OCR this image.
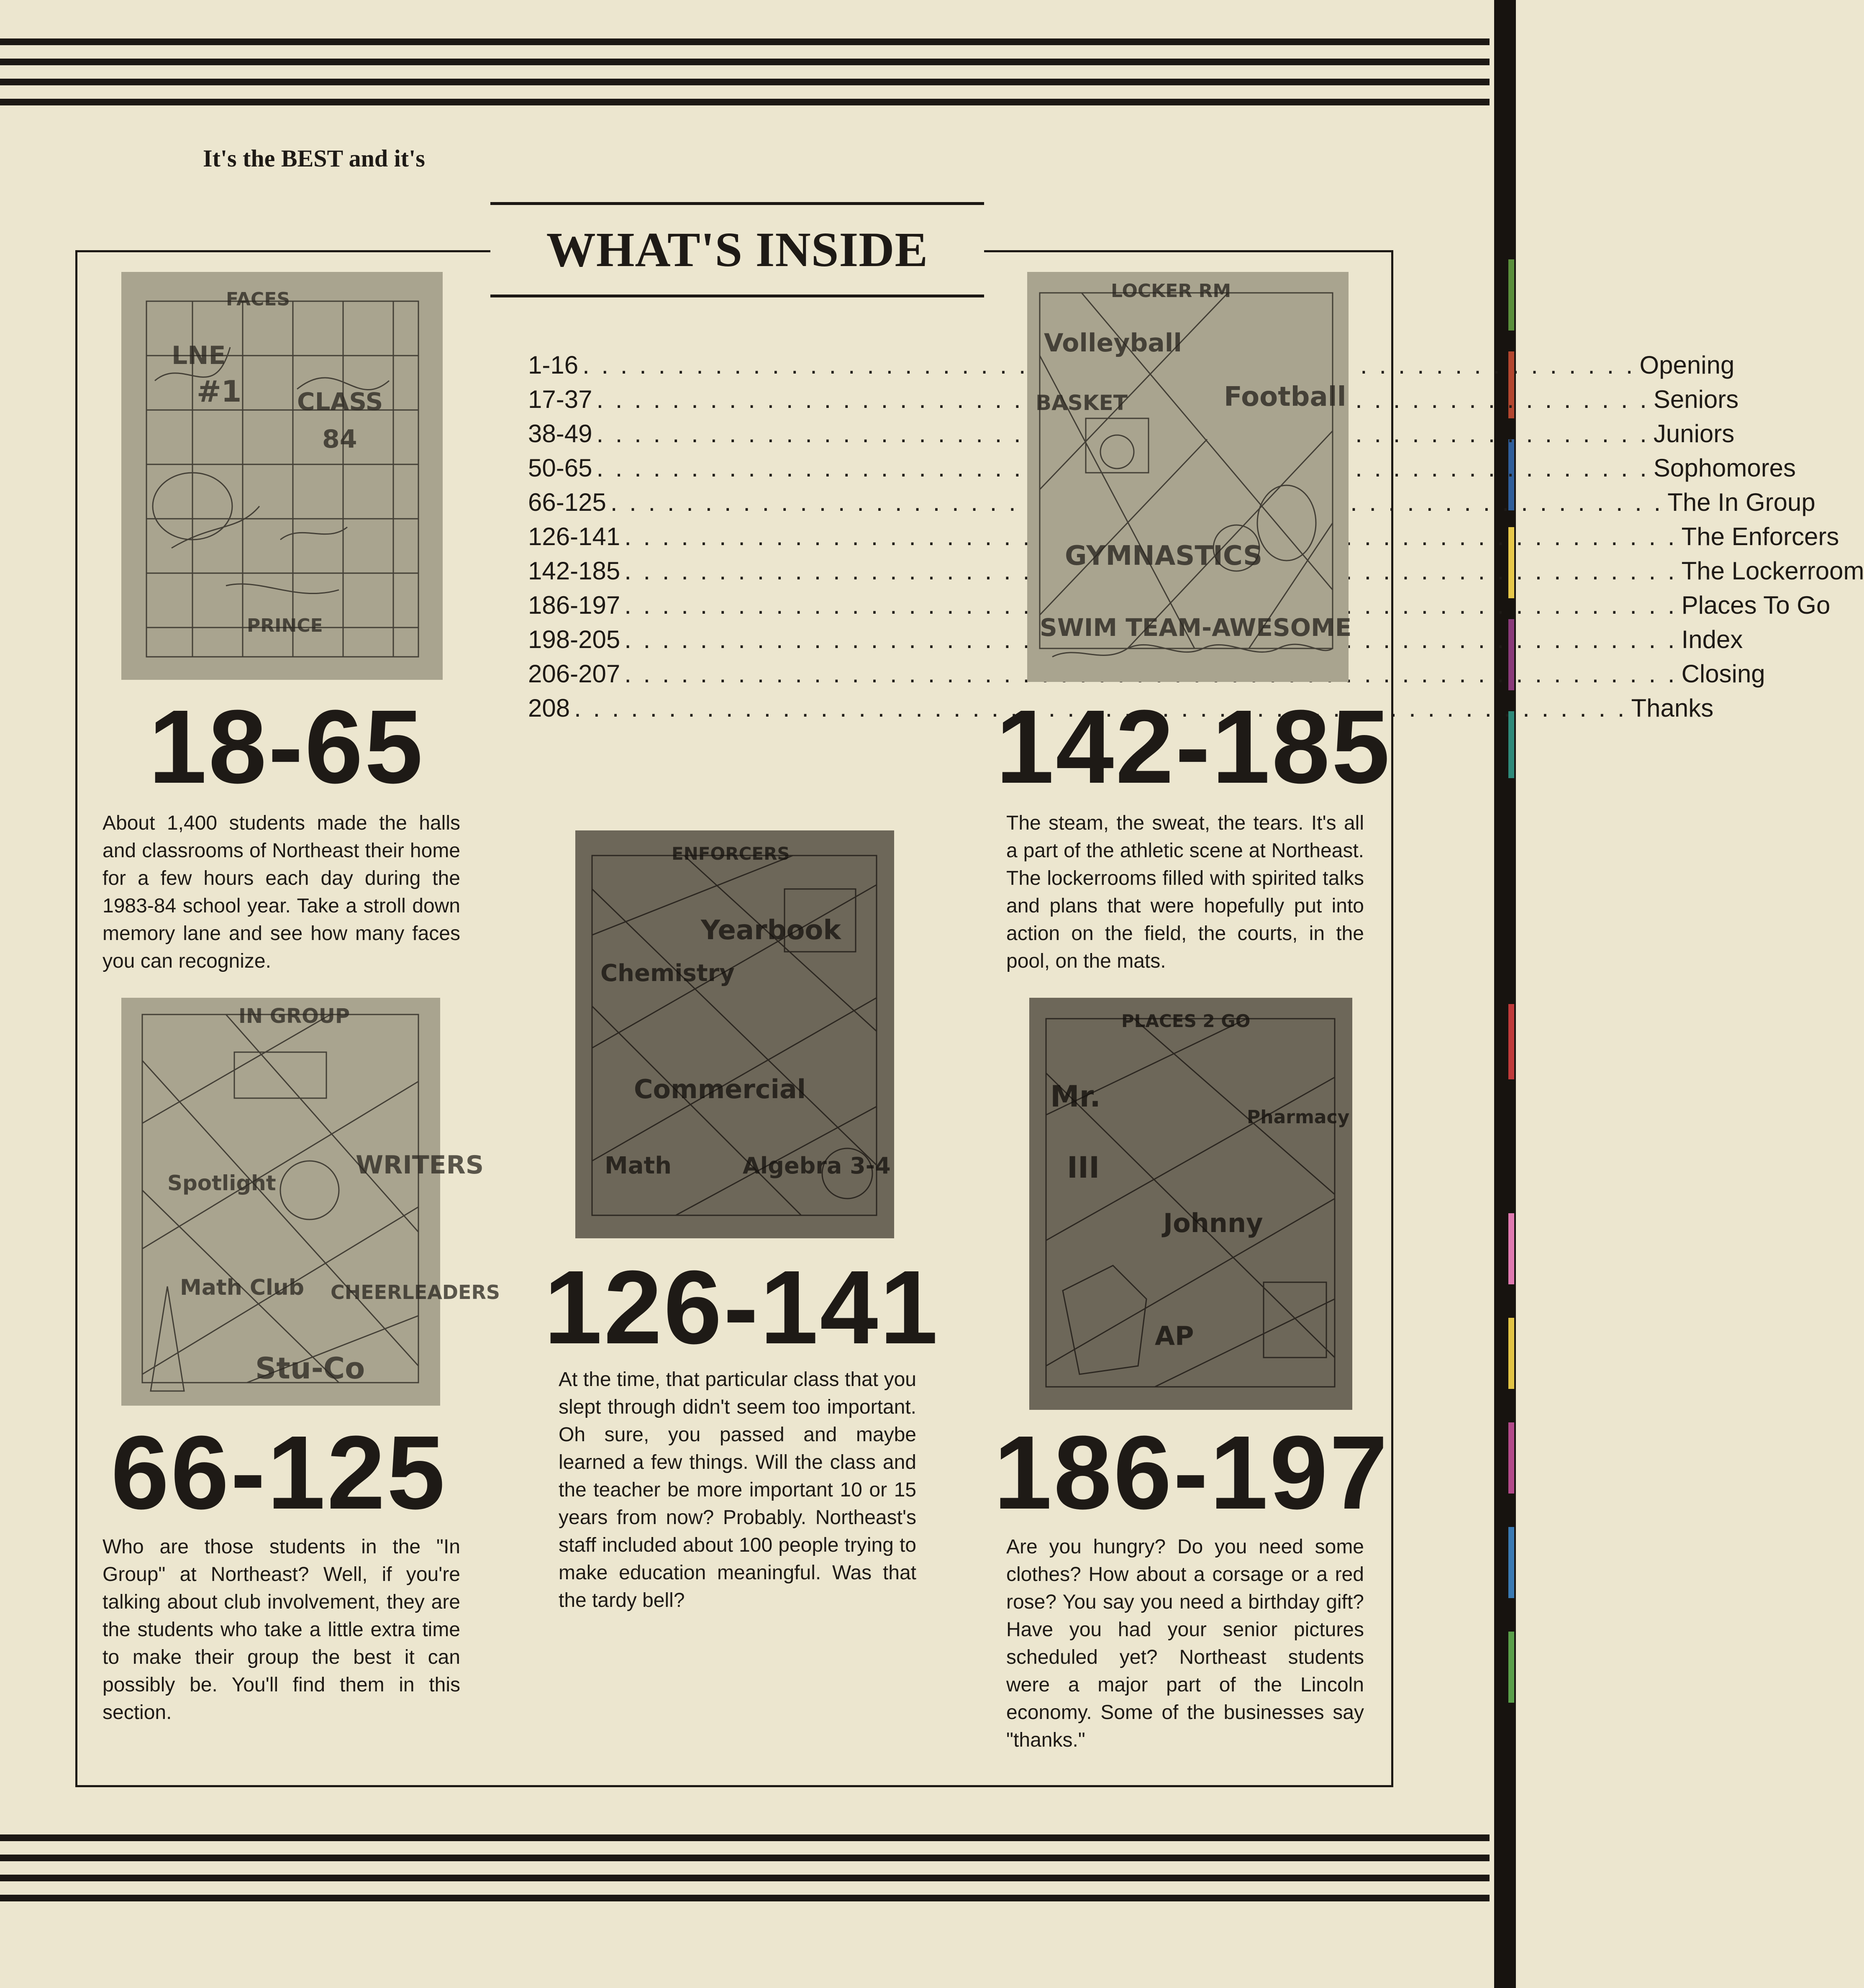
It's the BEST and it's
WHAT'S INSIDE
1-16 . . .	Opening
17-37 . . .	Seniors
38-49 . . .	Juniors
50-65 . . .	Sophomores
66-125 . . .	The In Group
126-141 . . .	The Enforcers
142-185 . . .	The Lockerroom
186-197 . . .	Places To Go
198-205 . . .	Index
206-207 . . .	Closing
208 . . .	Thanks
FACES
LNE
#1 CLASS
84
PRINCE
LOCKER RM
Volleyball
Football
BASKET
GYMNASTICS
SWIM TEAM-AWESOME
ENFORCERS
Chemistry
Yearbook
Commercial
Math	Algebra 3-4
IN GROUP
WRITERS
Spotlight
Math Club CHEERLEADERS
Stu-Co
PLACES 2 GO
Mr.
III
Johnny
Pharmacy
AP
18-65	142-185
126-141
66-125	186-197
About 1,400 students made the halls and classrooms of Northeast their home for a few hours each day during the 1983-84 school year. Take a stroll down memory lane and see how many faces you can recognize.
The steam, the sweat, the tears. It's all a part of the athletic scene at Northeast. The lockerrooms filled with spirited talks and plans that were hopefully put into action on the field, the courts, in the pool, on the mats.
At the time, that particular class that you slept through didn't seem too important. Oh sure, you passed and maybe learned a few things. Will the class and the teacher be more important 10 or 15 years from now? Probably. Northeast's staff included about 100 people trying to make education meaningful. Was that the tardy bell?
Who are those students in the "In Group" at Northeast? Well, if you're talking about club involvement, they are the students who take a little extra time to make their group the best it can possibly be. You'll find them in this section.
Are you hungry? Do you need some clothes? How about a corsage or a red rose? You say you need a birthday gift? Have you had your senior pictures scheduled yet? Northeast students were a major part of the Lincoln economy. Some of the businesses say "thanks."
